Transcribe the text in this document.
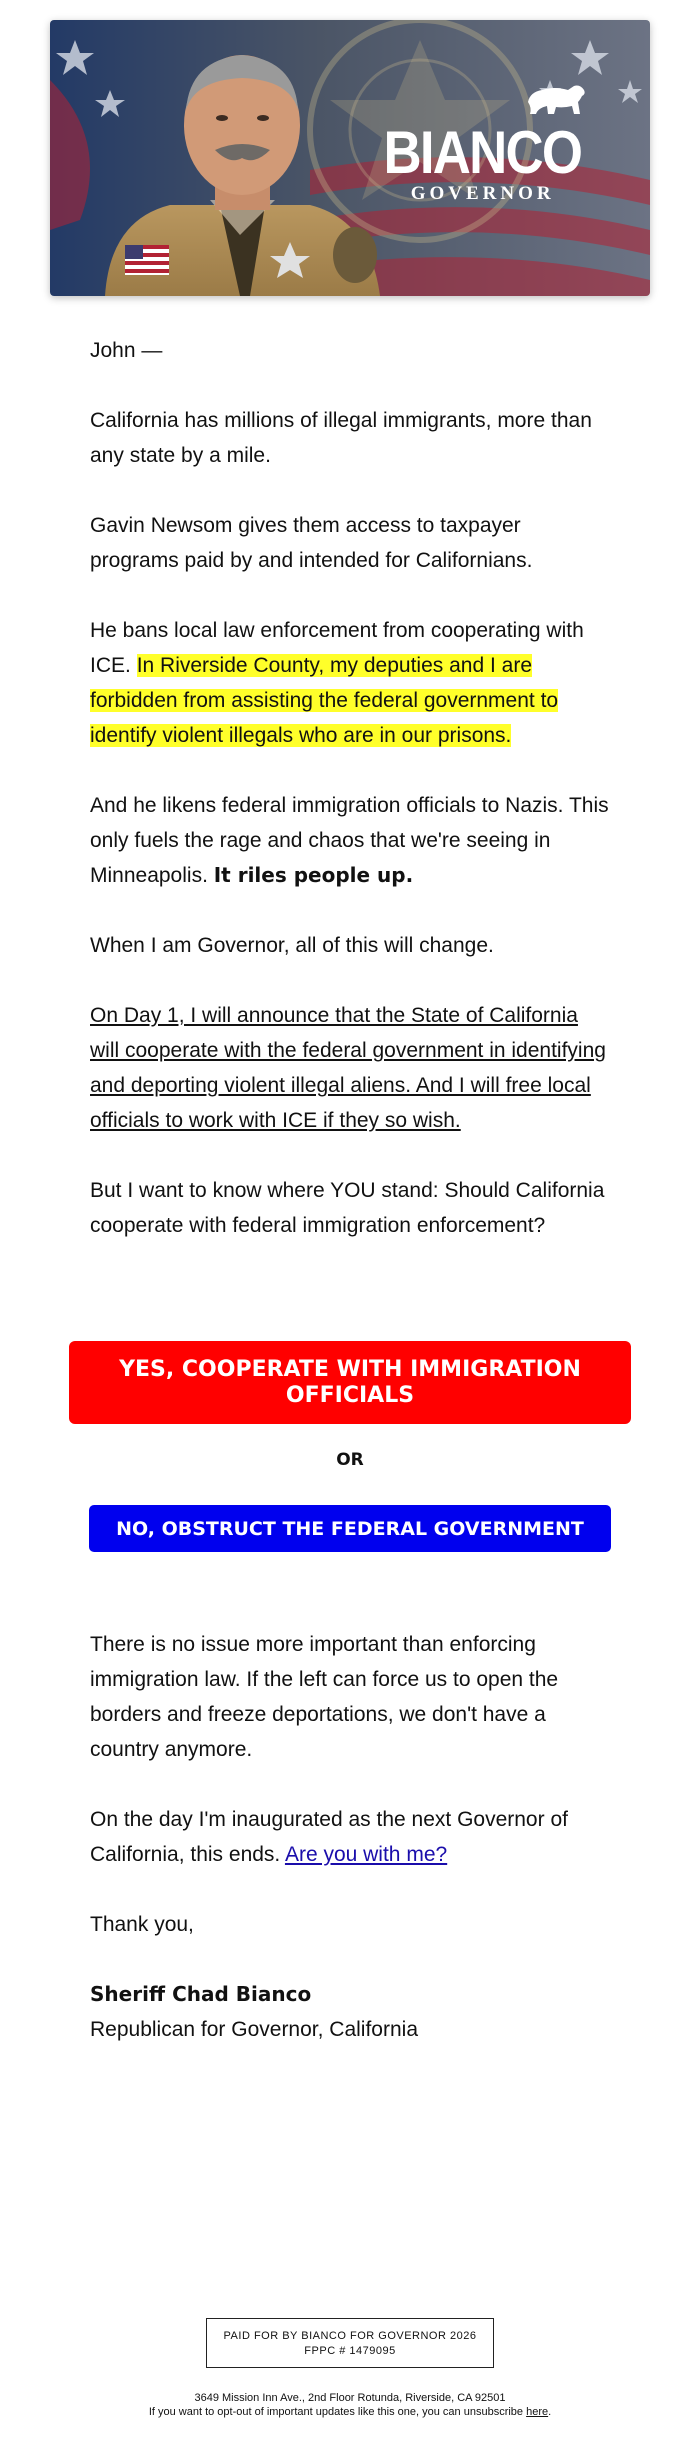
BIANCO
GOVERNOR

John —

California has millions of illegal immigrants, more than any state by a mile.

Gavin Newsom gives them access to taxpayer programs paid by and intended for Californians.

He bans local law enforcement from cooperating with ICE. In Riverside County, my deputies and I are forbidden from assisting the federal government to identify violent illegals who are in our prisons.

And he likens federal immigration officials to Nazis. This only fuels the rage and chaos that we're seeing in Minneapolis. It riles people up.

When I am Governor, all of this will change.

On Day 1, I will announce that the State of California will cooperate with the federal government in identifying and deporting violent illegal aliens. And I will free local officials to work with ICE if they so wish.

But I want to know where YOU stand: Should California cooperate with federal immigration enforcement?

YES, COOPERATE WITH IMMIGRATION OFFICIALS
OR
NO, OBSTRUCT THE FEDERAL GOVERNMENT

There is no issue more important than enforcing immigration law. If the left can force us to open the borders and freeze deportations, we don't have a country anymore.

On the day I'm inaugurated as the next Governor of California, this ends. Are you with me?

Thank you,

Sheriff Chad Bianco
Republican for Governor, California
PAID FOR BY BIANCO FOR GOVERNOR 2026
FPPC # 1479095
3649 Mission Inn Ave., 2nd Floor Rotunda, Riverside, CA 92501
If you want to opt-out of important updates like this one, you can unsubscribe here.
